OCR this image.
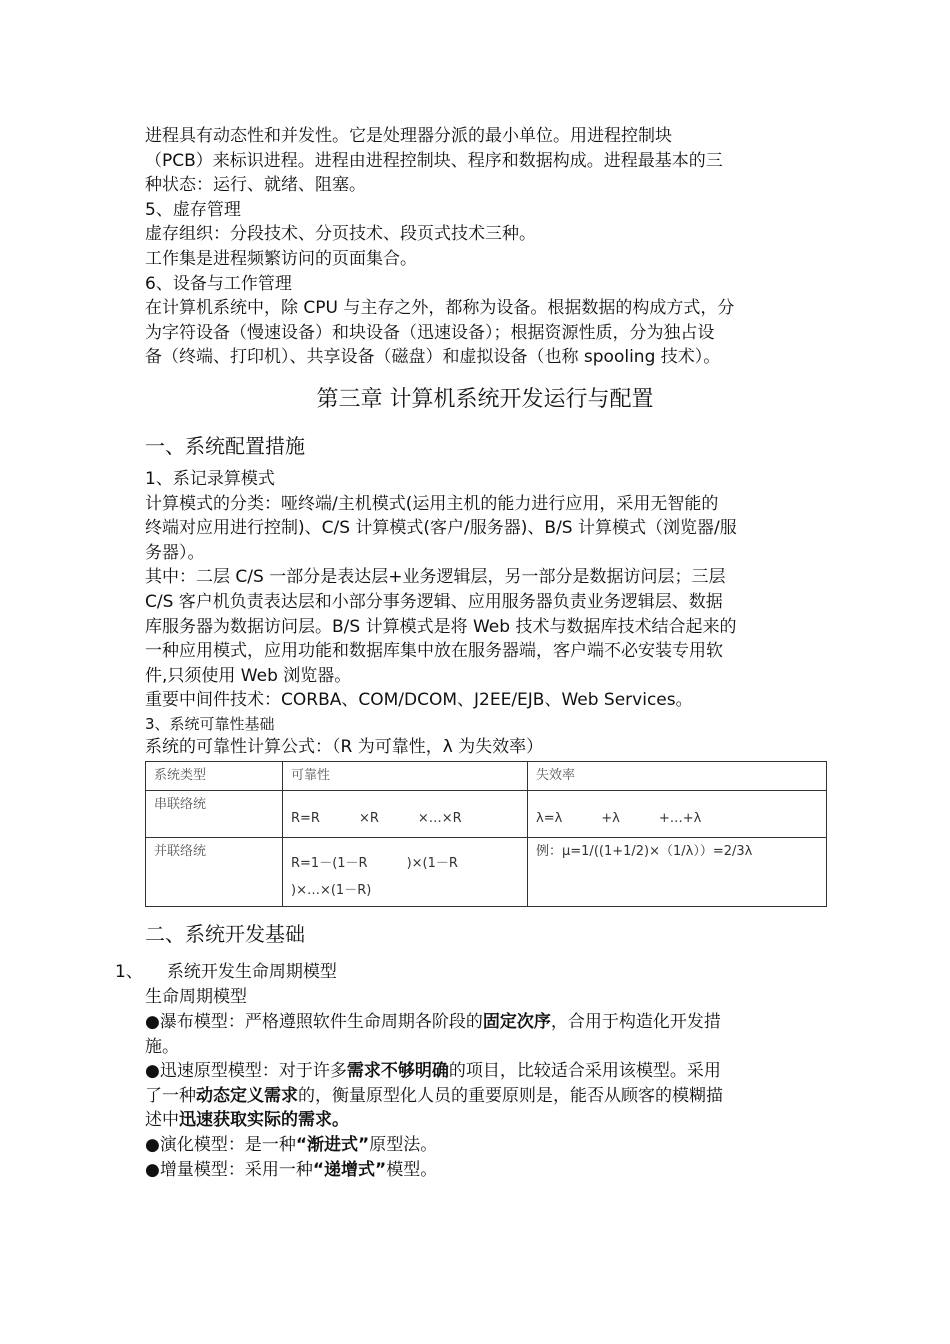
进程具有动态性和并发性。它是处理器分派的最小单位。用进程控制块

（PCB）来标识进程。进程由进程控制块、程序和数据构成。进程最基本的三

种状态：运行、就绪、阻塞。

5、虚存管理

虚存组织：分段技术、分页技术、段页式技术三种。

工作集是进程频繁访问的页面集合。

6、设备与工作管理

在计算机系统中，除 CPU 与主存之外，都称为设备。根据数据的构成方式，分

为字符设备（慢速设备）和块设备（迅速设备）；根据资源性质，分为独占设

备（终端、打印机）、共享设备（磁盘）和虚拟设备（也称 spooling 技术）。

第三章 计算机系统开发运行与配置
一、系统配置措施

1、系记录算模式

计算模式的分类：哑终端/主机模式(运用主机的能力进行应用，采用无智能的

终端对应用进行控制)、C/S 计算模式(客户/服务器)、B/S 计算模式（浏览器/服

务器）。

其中：二层 C/S 一部分是表达层+业务逻辑层，另一部分是数据访问层；三层

C/S 客户机负责表达层和小部分事务逻辑、应用服务器负责业务逻辑层、数据

库服务器为数据访问层。B/S 计算模式是将 Web 技术与数据库技术结合起来的

一种应用模式，应用功能和数据库集中放在服务器端，客户端不必安装专用软

件,只须使用 Web 浏览器。

重要中间件技术：CORBA、COM/DCOM、J2EE/EJB、Web Services。

3、系统可靠性基础

系统的可靠性计算公式：（R 为可靠性，λ 为失效率）

系统类型	可靠性	失效率

串联络统	R=R　　　×R　　　×…×R	λ=λ　　　+λ　　　+…+λ

并联络统	R=1－(1－R　　　)×(1－R
)×…×(1－R)	例：μ=1/((1+1/2)×（1/λ））=2/3λ
二、系统开发基础

1、 系统开发生命周期模型

生命周期模型

●瀑布模型：严格遵照软件生命周期各阶段的固定次序，合用于构造化开发措

施。

●迅速原型模型：对于许多需求不够明确的项目，比较适合采用该模型。采用

了一种动态定义需求的，衡量原型化人员的重要原则是，能否从顾客的模糊描

述中迅速获取实际的需求。

●演化模型：是一种“渐进式”原型法。

●增量模型：采用一种“递增式”模型。
